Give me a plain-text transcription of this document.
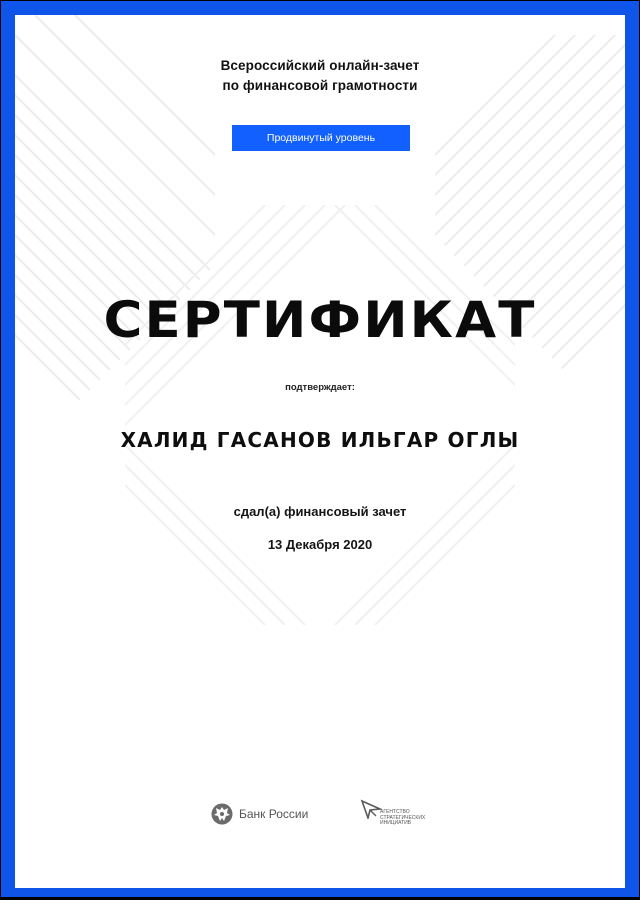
Всероссийский онлайн-зачет
по финансовой грамотности
Продвинутый уровень
СЕРТИФИКАТ
подтверждает:
ХАЛИД ГАСАНОВ ИЛЬГАР ОГЛЫ
сдал(а) финансовый зачет
13 Декабря 2020
Банк России	АГЕНТСТВО
СТРАТЕГИЧЕСКИХ
ИНИЦИАТИВ
